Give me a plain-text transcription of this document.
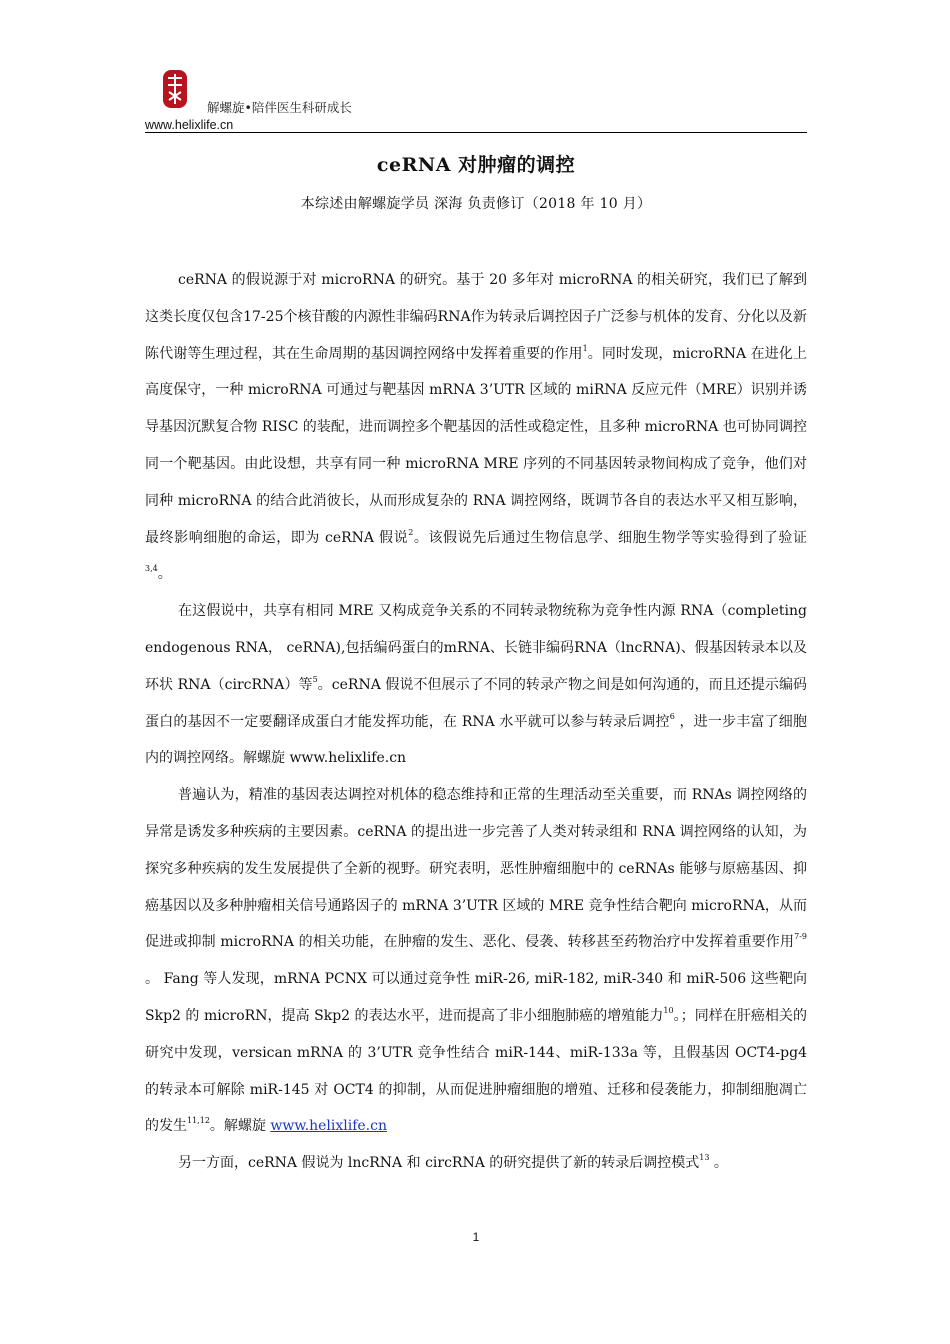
解螺旋•陪伴医生科研成长
www.helixlife.cn
ceRNA 对肿瘤的调控
本综述由解螺旋学员 深海 负责修订（2018 年 10 月）

ceRNA 的假说源于对 microRNA 的研究。基于 20 多年对 microRNA 的相关研究，我们已了解到这类长度仅包含17-25个核苷酸的内源性非编码RNA作为转录后调控因子广泛参与机体的发育、分化以及新陈代谢等生理过程，其在生命周期的基因调控网络中发挥着重要的作用$^1$。同时发现，microRNA 在进化上高度保守，一种 microRNA 可通过与靶基因 mRNA 3’UTR 区域的 miRNA 反应元件（MRE）识别并诱导基因沉默复合物 RISC 的装配，进而调控多个靶基因的活性或稳定性，且多种 microRNA 也可协同调控同一个靶基因。由此设想，共享有同一种 microRNA MRE 序列的不同基因转录物间构成了竞争，他们对同种 microRNA 的结合此消彼长，从而形成复杂的 RNA 调控网络，既调节各自的表达水平又相互影响，最终影响细胞的命运，即为 ceRNA 假说$^2$。该假说先后通过生物信息学、细胞生物学等实验得到了验证$^{3,4}$。

在这假说中，共享有相同 MRE 又构成竞争关系的不同转录物统称为竞争性内源 RNA（completing endogenous RNA， ceRNA),包括编码蛋白的mRNA、长链非编码RNA（lncRNA)、假基因转录本以及环状 RNA（circRNA）等$^5$。ceRNA 假说不但展示了不同的转录产物之间是如何沟通的，而且还提示编码蛋白的基因不一定要翻译成蛋白才能发挥功能，在 RNA 水平就可以参与转录后调控$^6$ ，进一步丰富了细胞内的调控网络。解螺旋 www.helixlife.cn

普遍认为，精准的基因表达调控对机体的稳态维持和正常的生理活动至关重要，而 RNAs 调控网络的异常是诱发多种疾病的主要因素。ceRNA 的提出进一步完善了人类对转录组和 RNA 调控网络的认知，为探究多种疾病的发生发展提供了全新的视野。研究表明，恶性肿瘤细胞中的 ceRNAs 能够与原癌基因、抑癌基因以及多种肿瘤相关信号通路因子的 mRNA 3’UTR 区域的 MRE 竞争性结合靶向 microRNA，从而促进或抑制 microRNA 的相关功能，在肿瘤的发生、恶化、侵袭、转移甚至药物治疗中发挥着重要作用$^{7-9}$ 。 Fang 等人发现，mRNA PCNX 可以通过竞争性 miR-26, miR-182, miR-340 和 miR-506 这些靶向 Skp2 的 microRN，提高 Skp2 的表达水平，进而提高了非小细胞肺癌的增殖能力$^{10}$。；同样在肝癌相关的研究中发现，versican mRNA 的 3’UTR 竞争性结合 miR-144、miR-133a 等，且假基因 OCT4-pg4 的转录本可解除 miR-145 对 OCT4 的抑制，从而促进肿瘤细胞的增殖、迁移和侵袭能力，抑制细胞凋亡的发生$^{11,12}$。解螺旋 www.helixlife.cn

另一方面，ceRNA 假说为 lncRNA 和 circRNA 的研究提供了新的转录后调控模式$^{13}$ 。

1
